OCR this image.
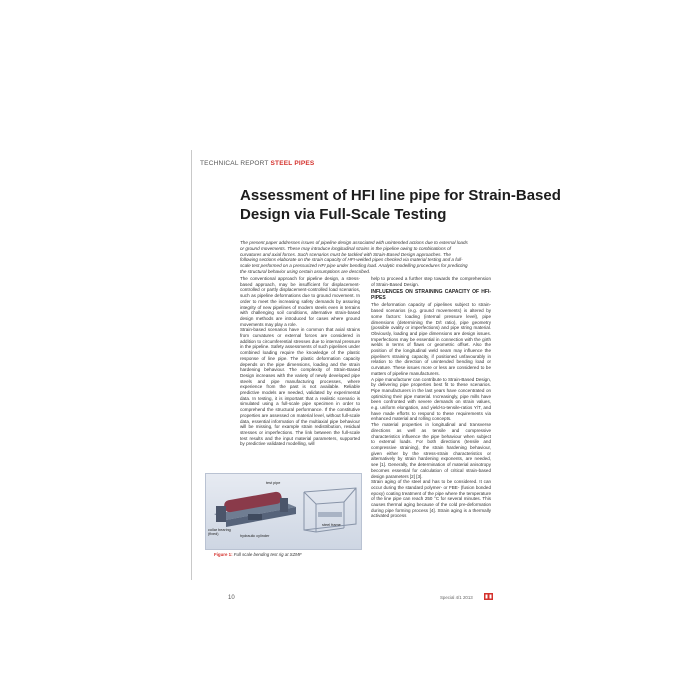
TECHNICAL REPORT STEEL PIPES
Assessment of HFI line pipe for Strain-Based Design via Full-Scale Testing
The present paper addresses issues of pipeline design associated with unintended actions due to external loads or ground movements. These may introduce longitudinal strains in the pipeline owing to combinations of curvatures and axial forces. Such scenarios must be tackled with Strain-Based Design approaches. The following sections elaborate on the strain capacity of HFI-welded pipes checked via material testing and a full-scale test performed on a pressurized HFI pipe under bending load. Analytic modelling procedures for predicting the structural behavior using certain assumptions are described.

The conventional approach for pipeline design, a stress-based approach, may be insufficient for displacement-controlled or partly displacement-controlled load scenarios, such as pipeline deformations due to ground movement. In order to meet the increasing safety demands by assuring integrity of new pipelines of modern steels even in terrains with challenging soil conditions, alternative strain-based design methods are introduced for cases where ground movements may play a role.

Strain-based scenarios have in common that axial strains from curvatures or external forces are considered in addition to circumferential stresses due to internal pressure in the pipeline. Safety assessments of such pipelines under combined loading require the knowledge of the plastic response of line pipe. The plastic deformation capacity depends on the pipe dimensions, loading and the strain hardening behaviour. The complexity of Strain-Based Design increases with the variety of newly developed pipe steels and pipe manufacturing processes, where experience from the past is not available. Reliable predictive models are needed, validated by experimental data. In testing, it is important that a realistic scenario is simulated using a full-scale pipe specimen in order to comprehend the structural performance. If the constitutive properties are assessed on material level, without full-scale data, essential information of the multiaxial pipe behaviour will be missing, for example strain redistribution, residual stresses or imperfections. The link between the full-scale test results and the input material parameters, supported by predictive validated modelling, will

test pipe
steel frame
collar bearing (fixed)	hydraulic cylinder
Figure 1: Full scale bending test rig at SZMF

help to proceed a further step towards the comprehension of Strain-Based Design.

INFLUENCES ON STRAINING CAPACITY OF HFI-PIPES

The deformation capacity of pipelines subject to strain-based scenarios (e.g. ground movements) is altered by some factors: loading (internal pressure level), pipe dimensions (determining the D/t ratio), pipe geometry (possible ovality or imperfections) and pipe string material. Obviously, loading and pipe dimensions are design issues. Imperfections may be essential in connection with the girth welds in terms of flaws or geometric offset. Also the position of the longitudinal weld seam may influence the pipeline's straining capacity, if positioned unfavourably in relation to the direction of unintended bending load or curvature. These issues more or less are considered to be matters of pipeline manufacturers.

A pipe manufacturer can contribute to Strain-Based Design, by delivering pipe properties best fit to these scenarios. Pipe manufacturers in the last years have concentrated on optimizing their pipe material. Increasingly, pipe mills have been confronted with severe demands on strain values, e.g. uniform elongation, and yield-to-tensile-ratios Y/T, and have made efforts to respond to these requirements via enhanced material and rolling concepts.

The material properties in longitudinal and transverse directions as well as tensile and compressive characteristics influence the pipe behaviour when subject to external loads. For both directions (tensile and compressive straining), the strain hardening behaviour, given either by the stress-strain characteristics or alternatively by strain hardening exponents, are needed, see [1]. Generally, the determination of material anisotropy becomes essential for calculation of critical strain-based design parameters [2] [3].

Strain aging of the steel and has to be considered. It can occur during the standard polymer- or FBE- (fusion bonded epoxy) coating treatment of the pipe where the temperature of the line pipe can reach 250 °C for several minutes. This causes thermal aging because of the cold pre-deformation during pipe forming process [4]. Strain aging is a thermally activated process

10	Special 4/1 2013
